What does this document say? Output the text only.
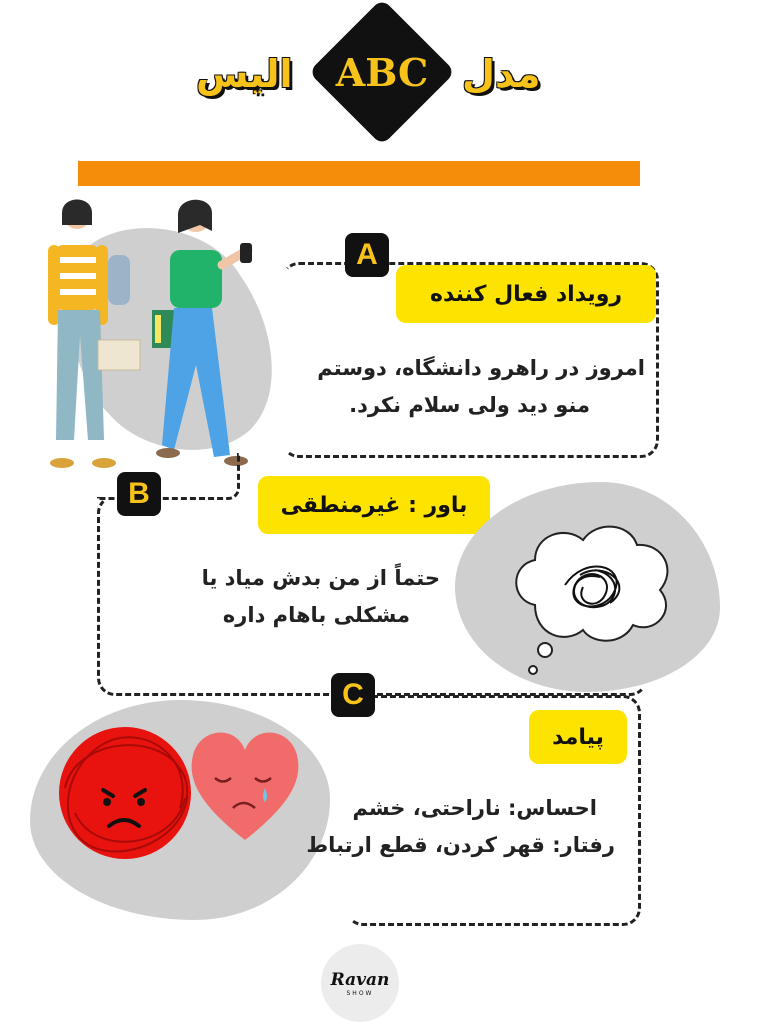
مدل
ABC
الیس
A
رویداد فعال کننده
امروز در راهرو دانشگاه، دوستم
منو دید ولی سلام نکرد.
B	باور : غیرمنطقی
حتماً از من بدش میاد یا
مشکلی باهام داره
C
پیامد
احساس: ناراحتی، خشم
رفتار: قهر کردن، قطع ارتباط
Ravan
SHOW
